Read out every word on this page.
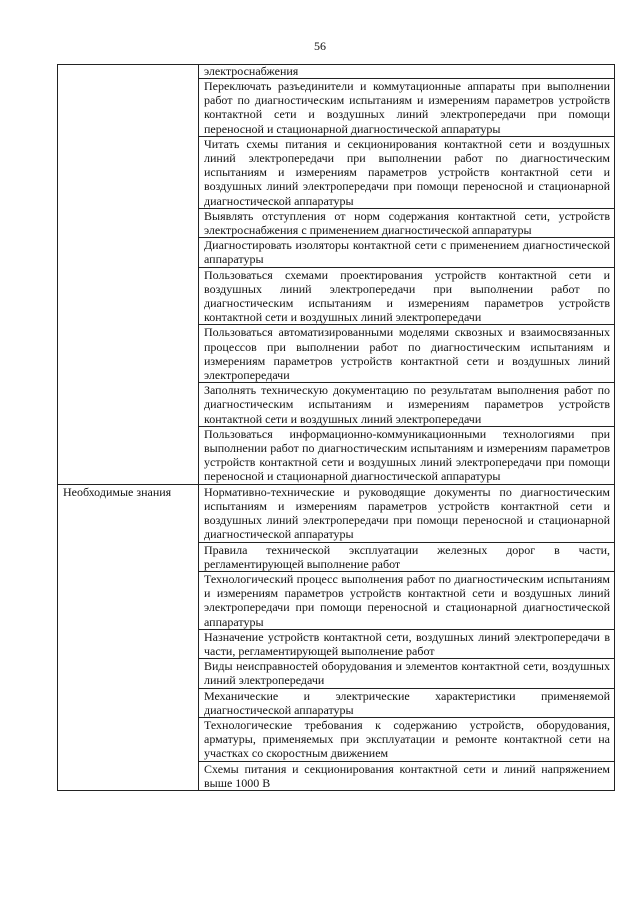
56
	электроснабжения
	Переключать разъединители и коммутационные аппараты при выполнении работ по диагностическим испытаниям и измерениям параметров устройств контактной сети и воздушных линий электропередачи при помощи переносной и стационарной диагностической аппаратуры
	Читать схемы питания и секционирования контактной сети и воздушных линий электропередачи при выполнении работ по диагностическим испытаниям и измерениям параметров устройств контактной сети и воздушных линий электропередачи при помощи переносной и стационарной диагностической аппаратуры
	Выявлять отступления от норм содержания контактной сети, устройств электроснабжения с применением диагностической аппаратуры
	Диагностировать изоляторы контактной сети с применением диагностической аппаратуры
	Пользоваться схемами проектирования устройств контактной сети и воздушных линий электропередачи при выполнении работ по диагностическим испытаниям и измерениям параметров устройств контактной сети и воздушных линий электропередачи
	Пользоваться автоматизированными моделями сквозных и взаимосвязанных процессов при выполнении работ по диагностическим испытаниям и измерениям параметров устройств контактной сети и воздушных линий электропередачи
	Заполнять техническую документацию по результатам выполнения работ по диагностическим испытаниям и измерениям параметров устройств контактной сети и воздушных линий электропередачи
	Пользоваться информационно-коммуникационными технологиями при выполнении работ по диагностическим испытаниям и измерениям параметров устройств контактной сети и воздушных линий электропередачи при помощи переносной и стационарной диагностической аппаратуры
Необходимые знания	Нормативно-технические и руководящие документы по диагностическим испытаниям и измерениям параметров устройств контактной сети и воздушных линий электропередачи при помощи переносной и стационарной диагностической аппаратуры
	Правила технической эксплуатации железных дорог в части, регламентирующей выполнение работ
	Технологический процесс выполнения работ по диагностическим испытаниям и измерениям параметров устройств контактной сети и воздушных линий электропередачи при помощи переносной и стационарной диагностической аппаратуры
	Назначение устройств контактной сети, воздушных линий электропередачи в части, регламентирующей выполнение работ
	Виды неисправностей оборудования и элементов контактной сети, воздушных линий электропередачи
	Механические и электрические характеристики применяемой диагностической аппаратуры
	Технологические требования к содержанию устройств, оборудования, арматуры, применяемых при эксплуатации и ремонте контактной сети на участках со скоростным движением
	Схемы питания и секционирования контактной сети и линий напряжением выше 1000 В
